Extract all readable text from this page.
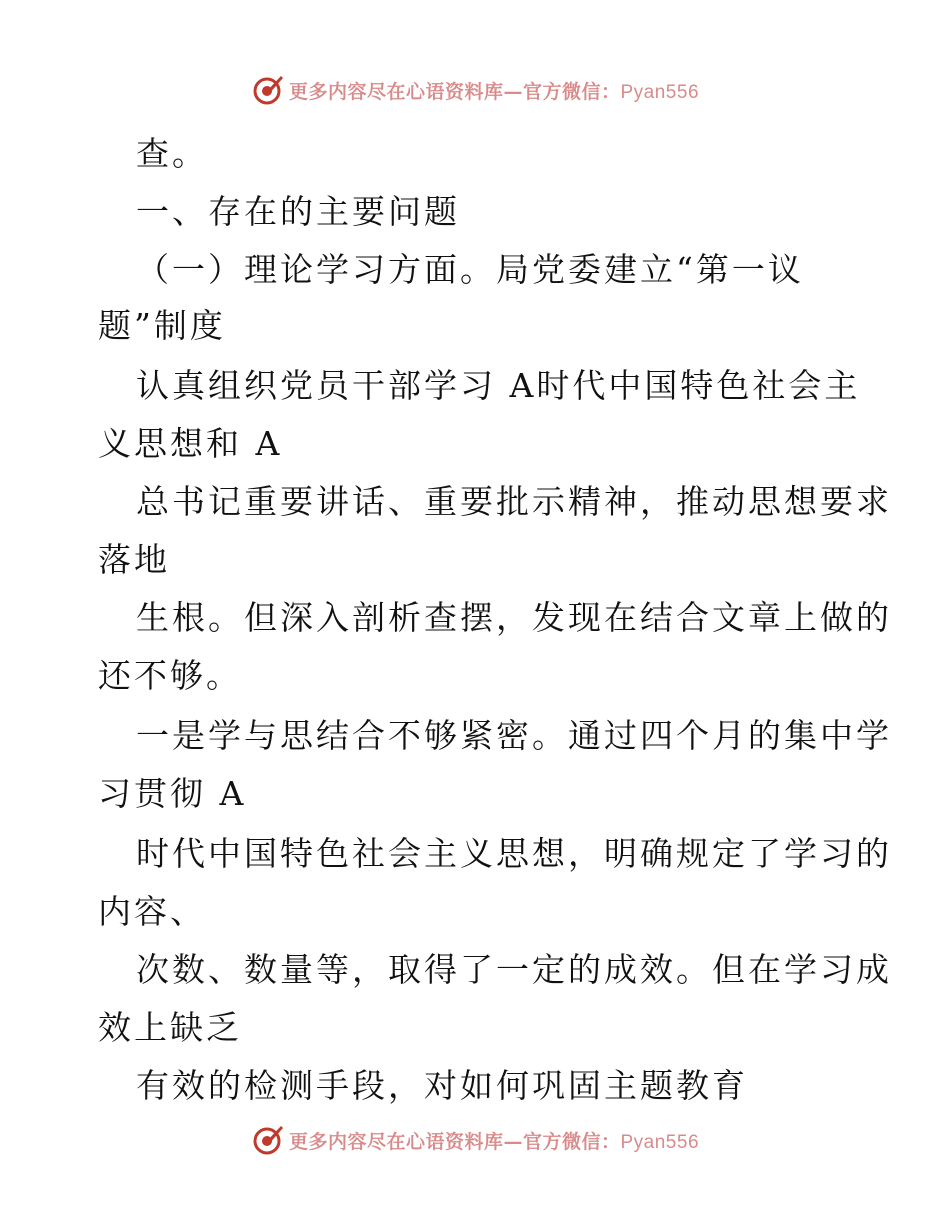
更多内容尽在心语资料库—官方微信：Pyan556
查。
一、存在的主要问题
（一）理论学习方面。局党委建立“第一议
题”制度
认真组织党员干部学习 A时代中国特色社会主
义思想和 A
总书记重要讲话、重要批示精神，推动思想要求
落地
生根。但深入剖析查摆，发现在结合文章上做的
还不够。
一是学与思结合不够紧密。通过四个月的集中学
习贯彻 A
时代中国特色社会主义思想，明确规定了学习的
内容、
次数、数量等，取得了一定的成效。但在学习成
效上缺乏
有效的检测手段，对如何巩固主题教育
更多内容尽在心语资料库—官方微信：Pyan556
